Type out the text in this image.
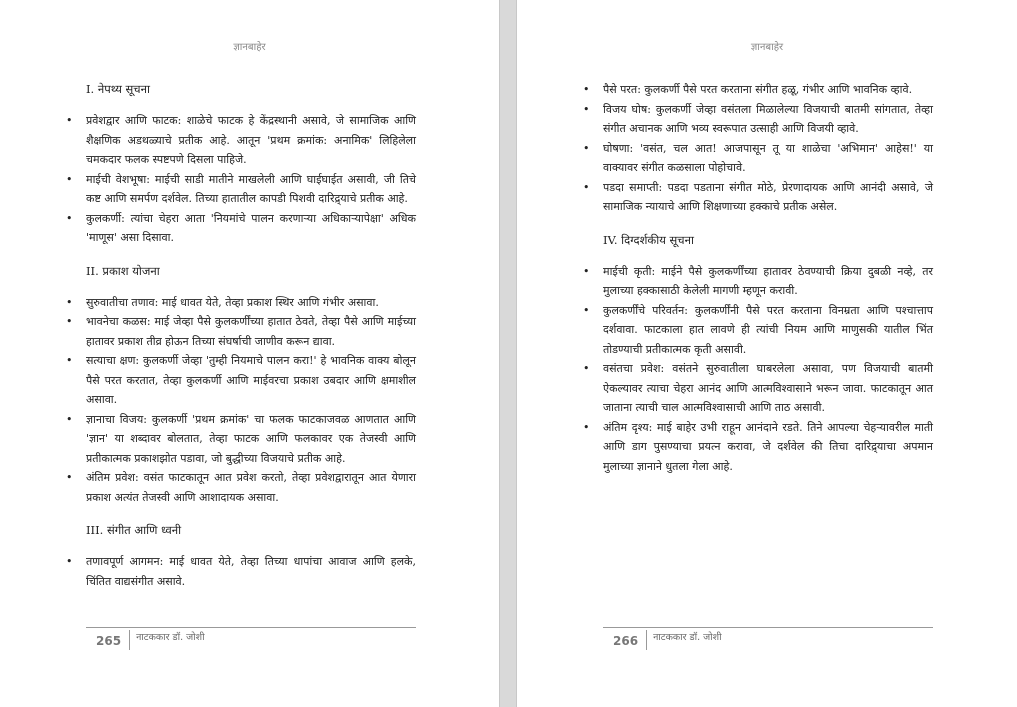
ज्ञानबाहेर
I. नेपथ्य सूचना
• प्रवेशद्वार आणि फाटक: शाळेचे फाटक हे केंद्रस्थानी असावे, जे सामाजिक आणि शैक्षणिक अडथळ्याचे प्रतीक आहे. आतून 'प्रथम क्रमांक: अनामिक' लिहिलेला चमकदार फलक स्पष्टपणे दिसला पाहिजे.
• माईची वेशभूषा: माईची साडी मातीने माखलेली आणि घाईघाईत असावी, जी तिचे कष्ट आणि समर्पण दर्शवेल. तिच्या हातातील कापडी पिशवी दारिद्र्याचे प्रतीक आहे.
• कुलकर्णी: त्यांचा चेहरा आता 'नियमांचे पालन करणाऱ्या अधिकाऱ्यापेक्षा' अधिक 'माणूस' असा दिसावा.
II. प्रकाश योजना
• सुरुवातीचा तणाव: माई धावत येते, तेव्हा प्रकाश स्थिर आणि गंभीर असावा.
• भावनेचा कळस: माई जेव्हा पैसे कुलकर्णींच्या हातात ठेवते, तेव्हा पैसे आणि माईच्या हातावर प्रकाश तीव्र होऊन तिच्या संघर्षाची जाणीव करून द्यावा.
• सत्याचा क्षण: कुलकर्णी जेव्हा 'तुम्ही नियमाचे पालन करा!' हे भावनिक वाक्य बोलून पैसे परत करतात, तेव्हा कुलकर्णी आणि माईवरचा प्रकाश उबदार आणि क्षमाशील असावा.
• ज्ञानाचा विजय: कुलकर्णी 'प्रथम क्रमांक' चा फलक फाटकाजवळ आणतात आणि 'ज्ञान' या शब्दावर बोलतात, तेव्हा फाटक आणि फलकावर एक तेजस्वी आणि प्रतीकात्मक प्रकाशझोत पडावा, जो बुद्धीच्या विजयाचे प्रतीक आहे.
• अंतिम प्रवेश: वसंत फाटकातून आत प्रवेश करतो, तेव्हा प्रवेशद्वारातून आत येणारा प्रकाश अत्यंत तेजस्वी आणि आशादायक असावा.
III. संगीत आणि ध्वनी
• तणावपूर्ण आगमन: माई धावत येते, तेव्हा तिच्या धापांचा आवाज आणि हलके, चिंतित वाद्यसंगीत असावे.
265	नाटककार डॉ. जोशी
ज्ञानबाहेर
• पैसे परत: कुलकर्णी पैसे परत करताना संगीत हळू, गंभीर आणि भावनिक व्हावे.
• विजय घोष: कुलकर्णी जेव्हा वसंतला मिळालेल्या विजयाची बातमी सांगतात, तेव्हा संगीत अचानक आणि भव्य स्वरूपात उत्साही आणि विजयी व्हावे.
• घोषणा: 'वसंत, चल आत! आजपासून तू या शाळेचा 'अभिमान' आहेस!' या वाक्यावर संगीत कळसाला पोहोचावे.
• पडदा समाप्ती: पडदा पडताना संगीत मोठे, प्रेरणादायक आणि आनंदी असावे, जे सामाजिक न्यायाचे आणि शिक्षणाच्या हक्काचे प्रतीक असेल.
IV. दिग्दर्शकीय सूचना
• माईची कृती: माईने पैसे कुलकर्णींच्या हातावर ठेवण्याची क्रिया दुबळी नव्हे, तर मुलाच्या हक्कासाठी केलेली मागणी म्हणून करावी.
• कुलकर्णींचे परिवर्तन: कुलकर्णींनी पैसे परत करताना विनम्रता आणि पश्चात्ताप दर्शवावा. फाटकाला हात लावणे ही त्यांची नियम आणि माणुसकी यातील भिंत तोडण्याची प्रतीकात्मक कृती असावी.
• वसंतचा प्रवेश: वसंतने सुरुवातीला घाबरलेला असावा, पण विजयाची बातमी ऐकल्यावर त्याचा चेहरा आनंद आणि आत्मविश्वासाने भरून जावा. फाटकातून आत जाताना त्याची चाल आत्मविश्वासाची आणि ताठ असावी.
• अंतिम दृश्य: माई बाहेर उभी राहून आनंदाने रडते. तिने आपल्या चेहऱ्यावरील माती आणि डाग पुसण्याचा प्रयत्न करावा, जे दर्शवेल की तिचा दारिद्र्याचा अपमान मुलाच्या ज्ञानाने धुतला गेला आहे.
266	नाटककार डॉ. जोशी
